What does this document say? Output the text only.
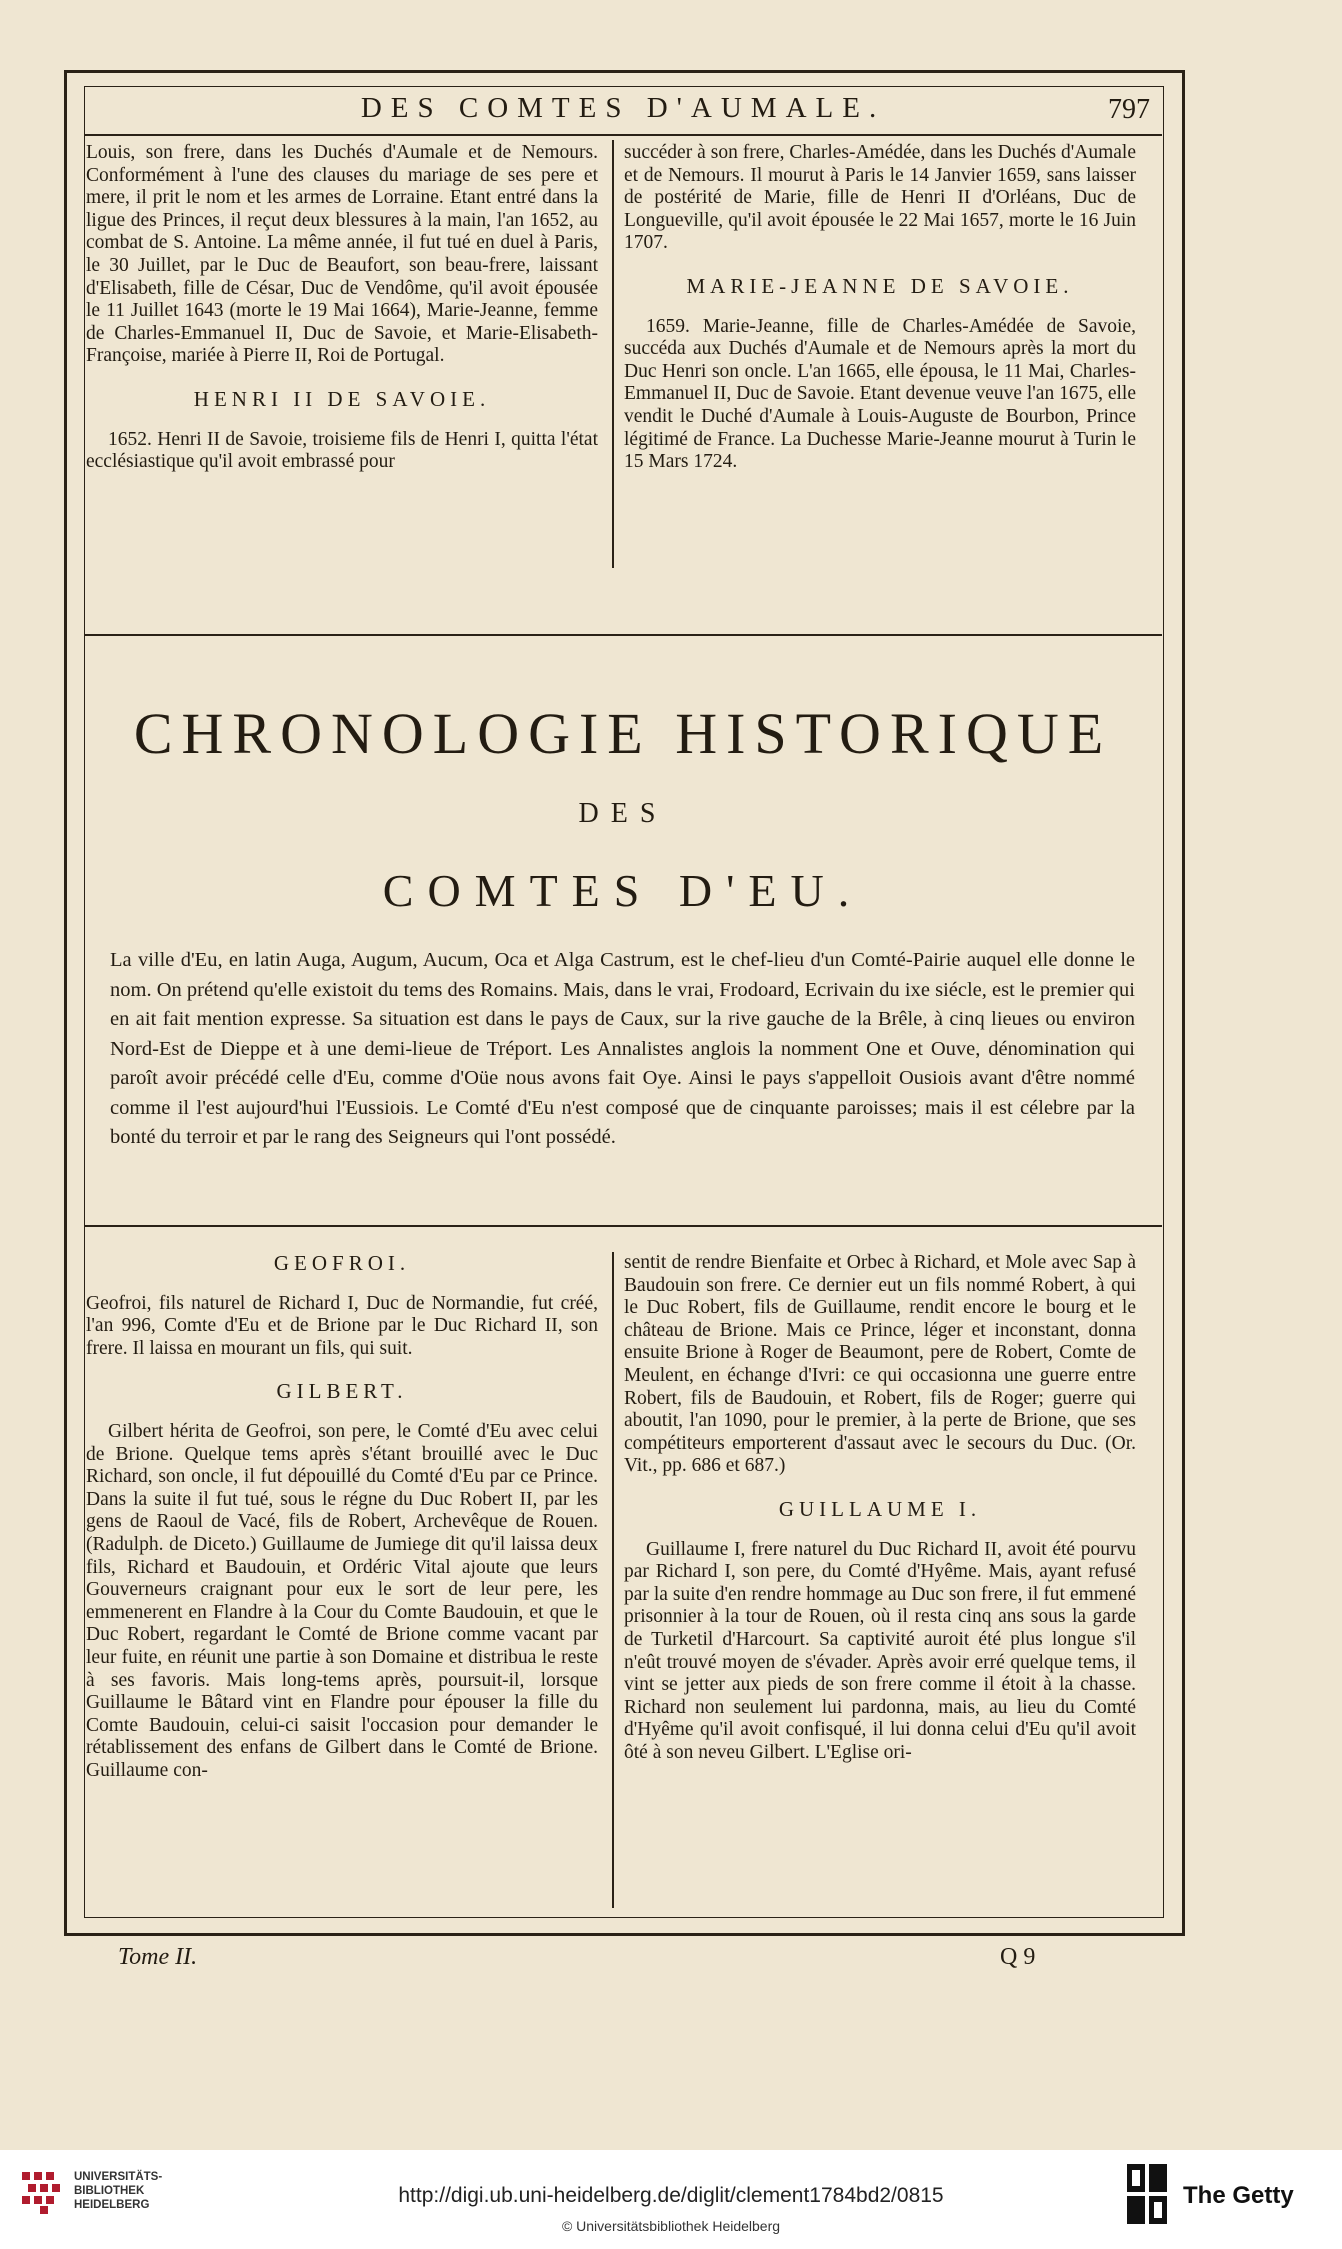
DES COMTES D'AUMALE.	797

Louis, son frere, dans les Duchés d'Aumale et de Nemours. Conformément à l'une des clauses du mariage de ses pere et mere, il prit le nom et les armes de Lorraine. Etant entré dans la ligue des Princes, il reçut deux blessures à la main, l'an 1652, au combat de S. Antoine. La même année, il fut tué en duel à Paris, le 30 Juillet, par le Duc de Beaufort, son beau-frere, laissant d'Elisabeth, fille de César, Duc de Vendôme, qu'il avoit épousée le 11 Juillet 1643 (morte le 19 Mai 1664), Marie-Jeanne, femme de Charles-Emmanuel II, Duc de Savoie, et Marie-Elisabeth-Françoise, mariée à Pierre II, Roi de Portugal.

HENRI II DE SAVOIE.

1652. Henri II de Savoie, troisieme fils de Henri I, quitta l'état ecclésiastique qu'il avoit embrassé pour

succéder à son frere, Charles-Amédée, dans les Duchés d'Aumale et de Nemours. Il mourut à Paris le 14 Janvier 1659, sans laisser de postérité de Marie, fille de Henri II d'Orléans, Duc de Longueville, qu'il avoit épousée le 22 Mai 1657, morte le 16 Juin 1707.

MARIE-JEANNE DE SAVOIE.

1659. Marie-Jeanne, fille de Charles-Amédée de Savoie, succéda aux Duchés d'Aumale et de Nemours après la mort du Duc Henri son oncle. L'an 1665, elle épousa, le 11 Mai, Charles-Emmanuel II, Duc de Savoie. Etant devenue veuve l'an 1675, elle vendit le Duché d'Aumale à Louis-Auguste de Bourbon, Prince légitimé de France. La Duchesse Marie-Jeanne mourut à Turin le 15 Mars 1724.

CHRONOLOGIE HISTORIQUE
DES
COMTES D'EU.
La ville d'Eu, en latin Auga, Augum, Aucum, Oca et Alga Castrum, est le chef-lieu d'un Comté-Pairie auquel elle donne le nom. On prétend qu'elle existoit du tems des Romains. Mais, dans le vrai, Frodoard, Ecrivain du ixe siécle, est le premier qui en ait fait mention expresse. Sa situation est dans le pays de Caux, sur la rive gauche de la Brêle, à cinq lieues ou environ Nord-Est de Dieppe et à une demi-lieue de Tréport. Les Annalistes anglois la nomment One et Ouve, dénomination qui paroît avoir précédé celle d'Eu, comme d'Oüe nous avons fait Oye. Ainsi le pays s'appelloit Ousiois avant d'être nommé comme il l'est aujourd'hui l'Eussiois. Le Comté d'Eu n'est composé que de cinquante paroisses; mais il est célebre par la bonté du terroir et par le rang des Seigneurs qui l'ont possédé.
GEOFROI.

Geofroi, fils naturel de Richard I, Duc de Normandie, fut créé, l'an 996, Comte d'Eu et de Brione par le Duc Richard II, son frere. Il laissa en mourant un fils, qui suit.

GILBERT.

Gilbert hérita de Geofroi, son pere, le Comté d'Eu avec celui de Brione. Quelque tems après s'étant brouillé avec le Duc Richard, son oncle, il fut dépouillé du Comté d'Eu par ce Prince. Dans la suite il fut tué, sous le régne du Duc Robert II, par les gens de Raoul de Vacé, fils de Robert, Archevêque de Rouen. (Radulph. de Diceto.) Guillaume de Jumiege dit qu'il laissa deux fils, Richard et Baudouin, et Ordéric Vital ajoute que leurs Gouverneurs craignant pour eux le sort de leur pere, les emmenerent en Flandre à la Cour du Comte Baudouin, et que le Duc Robert, regardant le Comté de Brione comme vacant par leur fuite, en réunit une partie à son Domaine et distribua le reste à ses favoris. Mais long-tems après, poursuit-il, lorsque Guillaume le Bâtard vint en Flandre pour épouser la fille du Comte Baudouin, celui-ci saisit l'occasion pour demander le rétablissement des enfans de Gilbert dans le Comté de Brione. Guillaume con-

sentit de rendre Bienfaite et Orbec à Richard, et Mole avec Sap à Baudouin son frere. Ce dernier eut un fils nommé Robert, à qui le Duc Robert, fils de Guillaume, rendit encore le bourg et le château de Brione. Mais ce Prince, léger et inconstant, donna ensuite Brione à Roger de Beaumont, pere de Robert, Comte de Meulent, en échange d'Ivri: ce qui occasionna une guerre entre Robert, fils de Baudouin, et Robert, fils de Roger; guerre qui aboutit, l'an 1090, pour le premier, à la perte de Brione, que ses compétiteurs emporterent d'assaut avec le secours du Duc. (Or. Vit., pp. 686 et 687.)

GUILLAUME I.

Guillaume I, frere naturel du Duc Richard II, avoit été pourvu par Richard I, son pere, du Comté d'Hyême. Mais, ayant refusé par la suite d'en rendre hommage au Duc son frere, il fut emmené prisonnier à la tour de Rouen, où il resta cinq ans sous la garde de Turketil d'Harcourt. Sa captivité auroit été plus longue s'il n'eût trouvé moyen de s'évader. Après avoir erré quelque tems, il vint se jetter aux pieds de son frere comme il étoit à la chasse. Richard non seulement lui pardonna, mais, au lieu du Comté d'Hyême qu'il avoit confisqué, il lui donna celui d'Eu qu'il avoit ôté à son neveu Gilbert. L'Eglise ori-

Tome II.	Q 9
UNIVERSITÄTS-
BIBLIOTHEK
HEIDELBERG	http://digi.ub.uni-heidelberg.de/diglit/clement1784bd2/0815
© Universitätsbibliothek Heidelberg
The Getty
